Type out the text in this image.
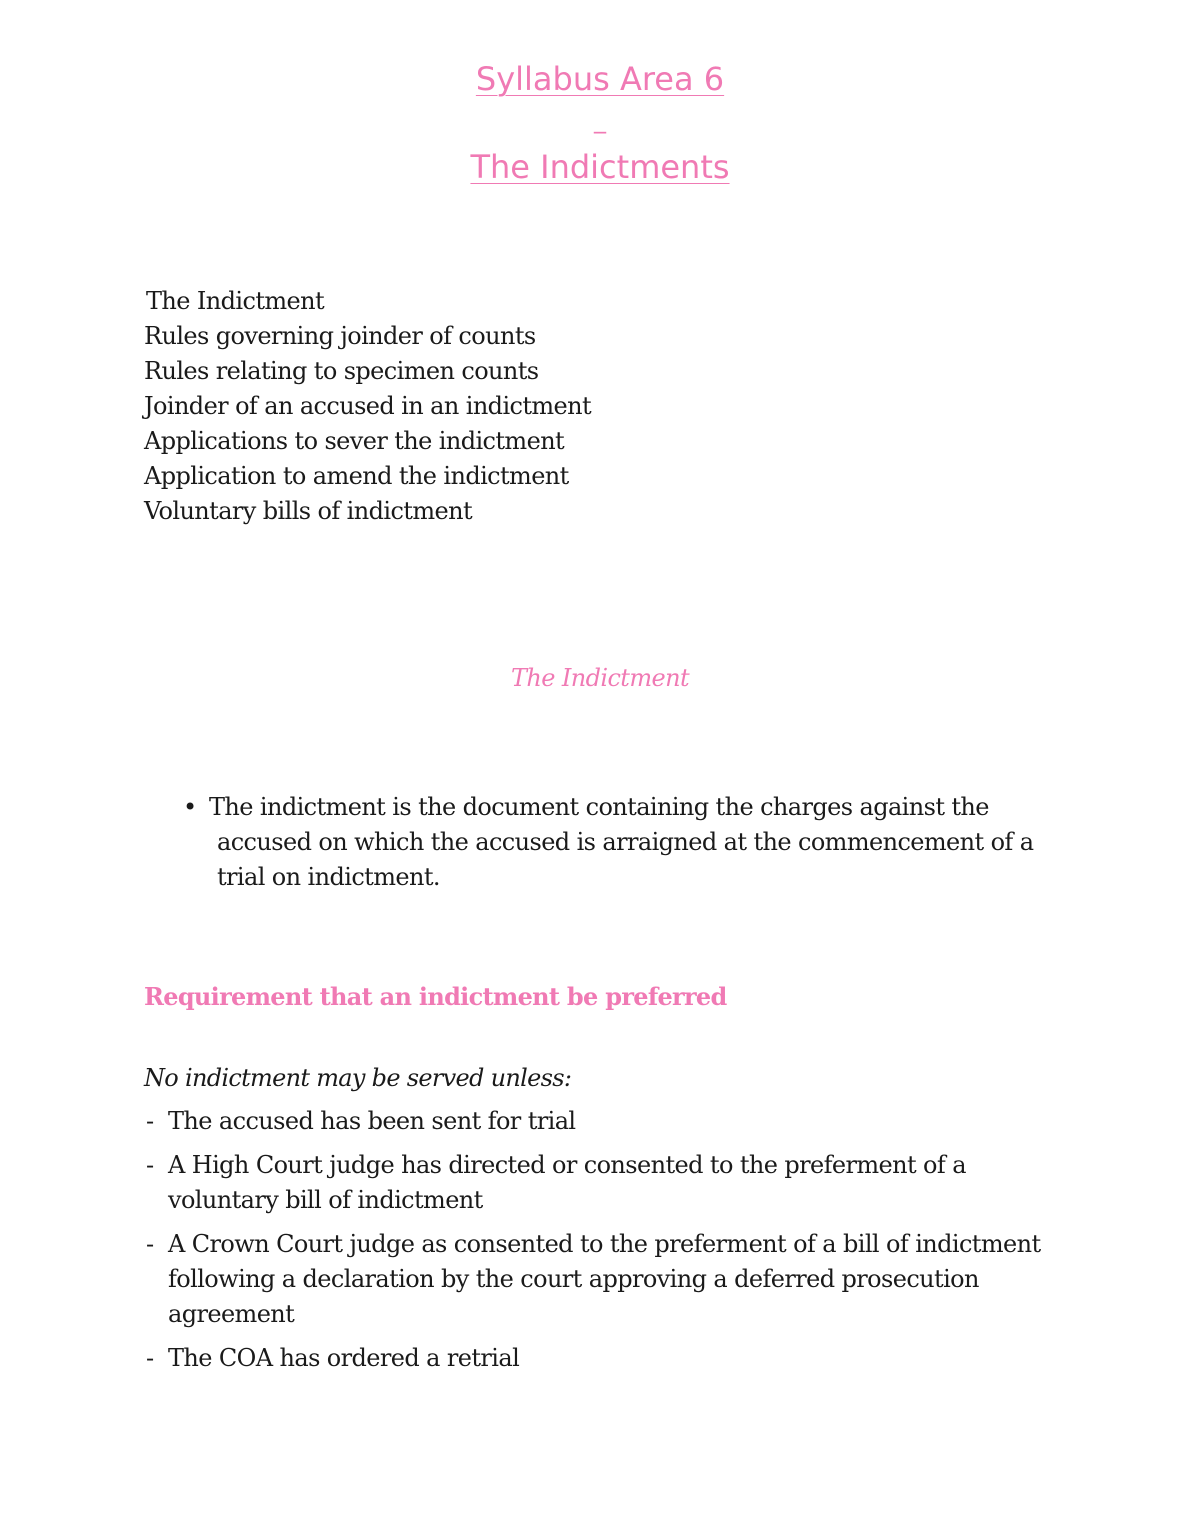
Syllabus Area 6
_
The Indictments
The Indictment
Rules governing joinder of counts
Rules relating to specimen counts
Joinder of an accused in an indictment
Applications to sever the indictment
Application to amend the indictment
Voluntary bills of indictment
The Indictment
• The indictment is the document containing the charges against the
accused on which the accused is arraigned at the commencement of a
trial on indictment.
Requirement that an indictment be preferred
No indictment may be served unless:
- The accused has been sent for trial
- A High Court judge has directed or consented to the preferment of a voluntary bill of indictment
- A Crown Court judge as consented to the preferment of a bill of indictment following a declaration by the court approving a deferred prosecution agreement
- The COA has ordered a retrial
